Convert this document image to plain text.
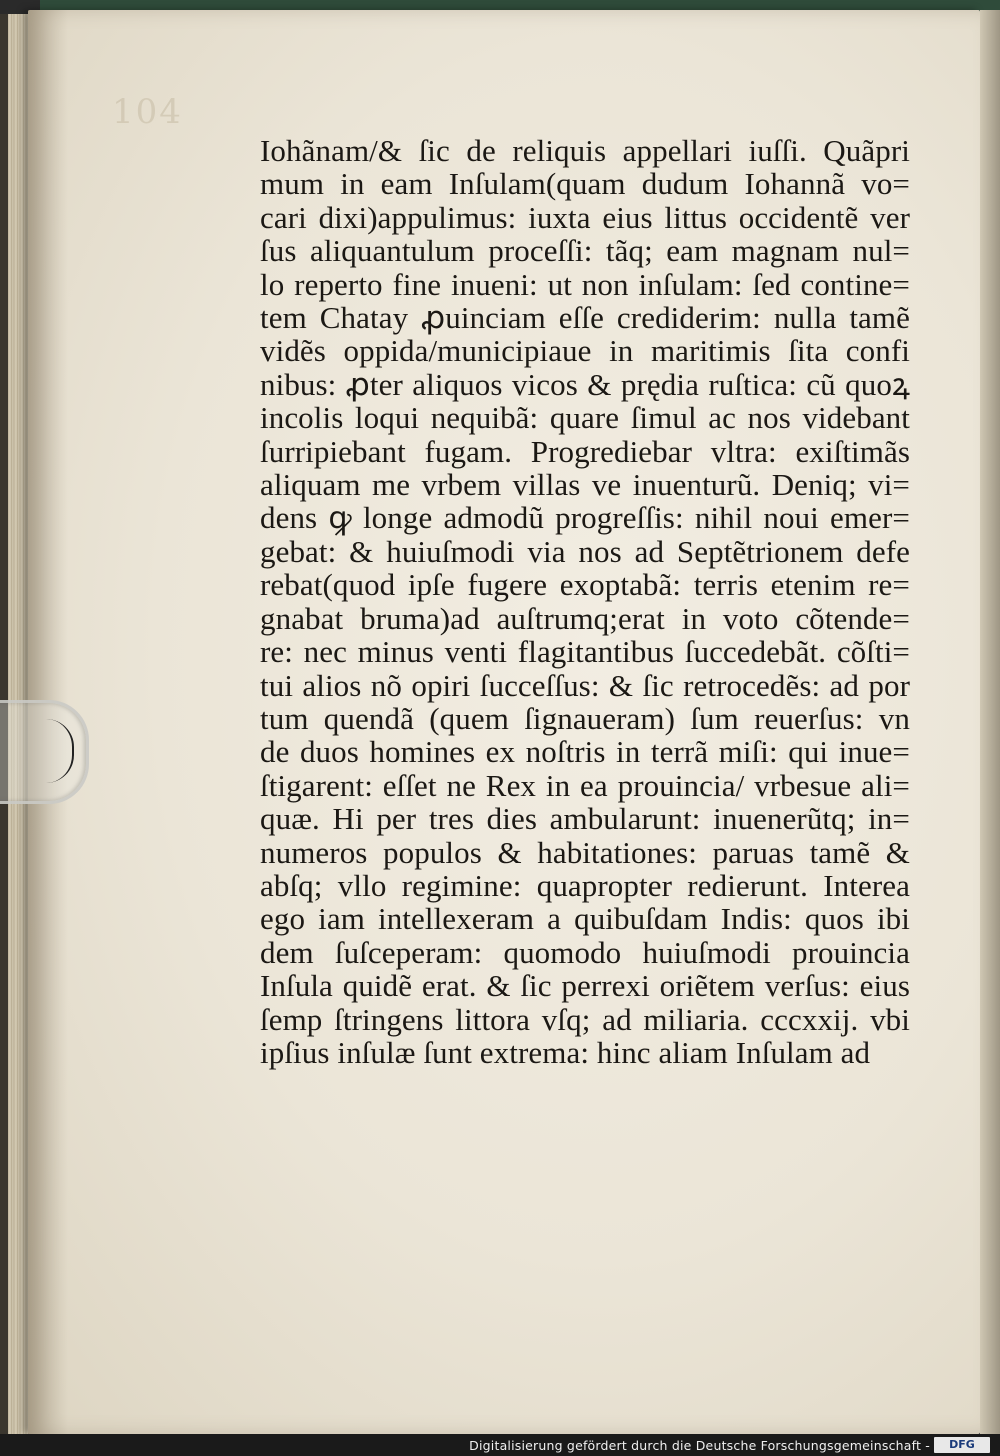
104
Iohãnam/& ſic de reliquis appellari iuſſi. Quãpri
mum in eam Inſulam(quam dudum Iohannã vo=
cari dixi)appulimus: iuxta eius littus occidentẽ ver
ſus aliquantulum proceſſi: tãq; eam magnam nul=
lo reperto fine inueni: ut non inſulam: ſed contine=
tem Chatay ꝓuinciam eſſe crediderim: nulla tamẽ
vidẽs oppida/municipiaue in maritimis ſita confi
nibus: ꝓter aliquos vicos & prędia ruſtica: cũ quoꝝ
incolis loqui nequibã: quare ſimul ac nos videbant
ſurripiebant fugam. Progrediebar vltra: exiſtimãs
aliquam me vrbem villas ve inuenturũ. Deniq; vi=
dens ꝙ longe admodũ progreſſis: nihil noui emer=
gebat: & huiuſmodi via nos ad Septẽtrionem defe
rebat(quod ipſe fugere exoptabã: terris etenim re=
gnabat bruma)ad auſtrumq;erat in voto cõtende=
re: nec minus venti flagitantibus ſuccedebãt. cõſti=
tui alios nõ opiri ſucceſſus: & ſic retrocedẽs: ad por
tum quendã (quem ſignaueram) ſum reuerſus: vn
de duos homines ex noſtris in terrã miſi: qui inue=
ſtigarent: eſſet ne Rex in ea prouincia/ vrbesue ali=
quæ. Hi per tres dies ambularunt: inuenerũtq; in=
numeros populos & habitationes: paruas tamẽ &
abſq; vllo regimine: quapropter redierunt. Interea
ego iam intellexeram a quibuſdam Indis: quos ibi
dem ſuſceperam: quomodo huiuſmodi prouincia
Inſula quidẽ erat. & ſic perrexi oriẽtem verſus: eius
ſemp ſtringens littora vſq; ad miliaria. cccxxij. vbi
ipſius inſulæ ſunt extrema: hinc aliam Inſulam ad
Digitalisierung gefördert durch die Deutsche Forschungsgemeinschaft -	DFG
